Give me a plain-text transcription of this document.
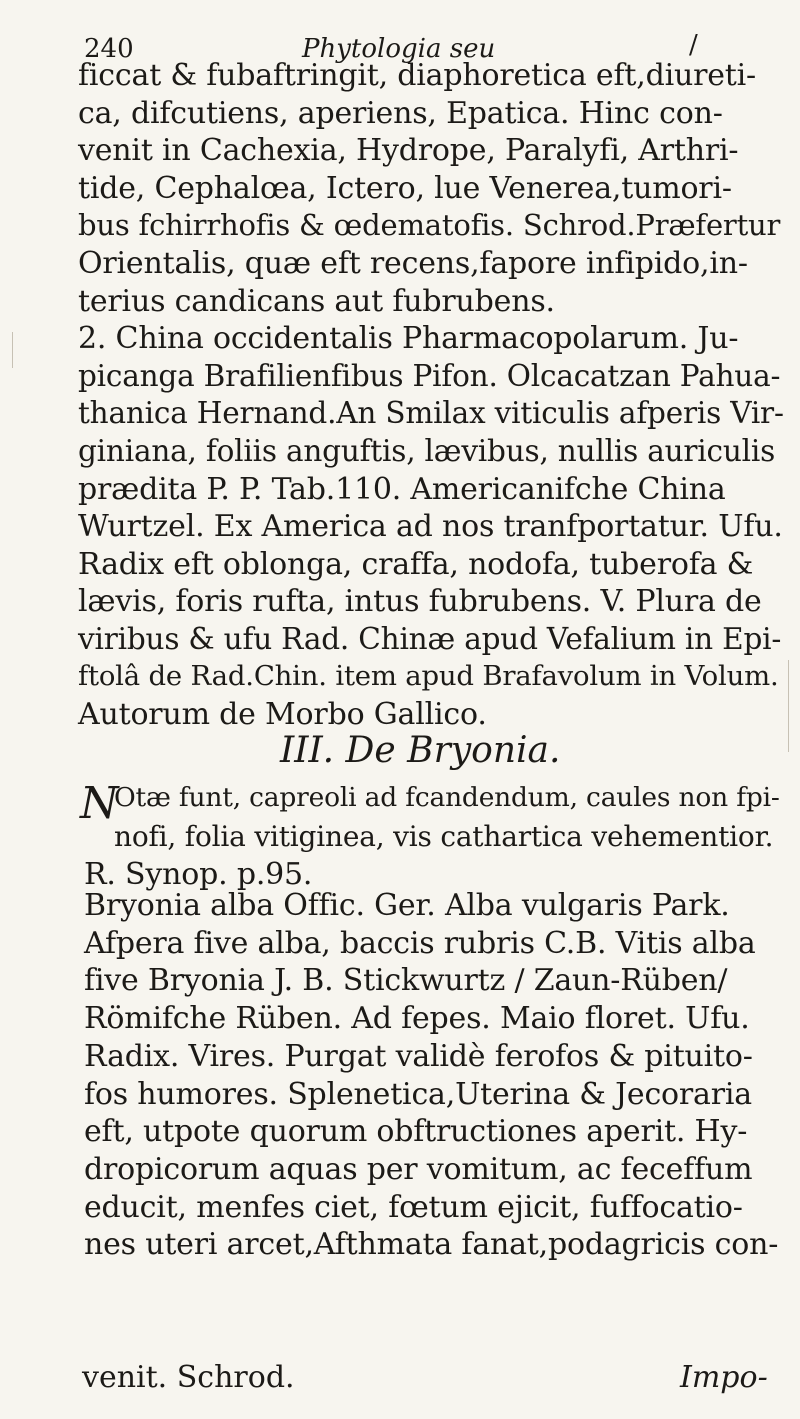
240	Phytologia seu	/
ficcat & fubaftringit, diaphoretica eft,diureti-
ca, difcutiens, aperiens, Epatica. Hinc con-
venit in Cachexia, Hydrope, Paralyfi, Arthri-
tide, Cephalœa, Ictero, lue Venerea,tumori-
bus fchirrhofis & œdematofis. Schrod.Præfertur
Orientalis, quæ eft recens,fapore infipido,in-
terius candicans aut fubrubens.
2. China occidentalis Pharmacopolarum. Ju-
picanga Brafilienfibus Pifon. Olcacatzan Pahua-
thanica Hernand.An Smilax viticulis afperis Vir-
giniana, foliis anguftis, lævibus, nullis auriculis
prædita P. P. Tab.110. Americanifche China
Wurtzel. Ex America ad nos tranfportatur. Ufu.
Radix eft oblonga, craffa, nodofa, tuberofa &
lævis, foris rufta, intus fubrubens. V. Plura de
viribus & ufu Rad. Chinæ apud Vefalium in Epi-
ftolâ de Rad.Chin. item apud Brafavolum in Volum.
Autorum de Morbo Gallico.
III. De Bryonia.
N
Otæ funt, capreoli ad fcandendum, caules non fpi-
nofi, folia vitiginea, vis cathartica vehementior.
R. Synop. p.95.
Bryonia alba Offic. Ger. Alba vulgaris Park.
Afpera five alba, baccis rubris C.B. Vitis alba
five Bryonia J. B. Stickwurtz / Zaun-Rüben/
Römifche Rüben. Ad fepes. Maio floret. Ufu.
Radix. Vires. Purgat validè ferofos & pituito-
fos humores. Splenetica,Uterina & Jecoraria
eft, utpote quorum obftructiones aperit. Hy-
dropicorum aquas per vomitum, ac feceffum
educit, menfes ciet, fœtum ejicit, fuffocatio-
nes uteri arcet,Afthmata fanat,podagricis con-
venit. Schrod.	Impo-
